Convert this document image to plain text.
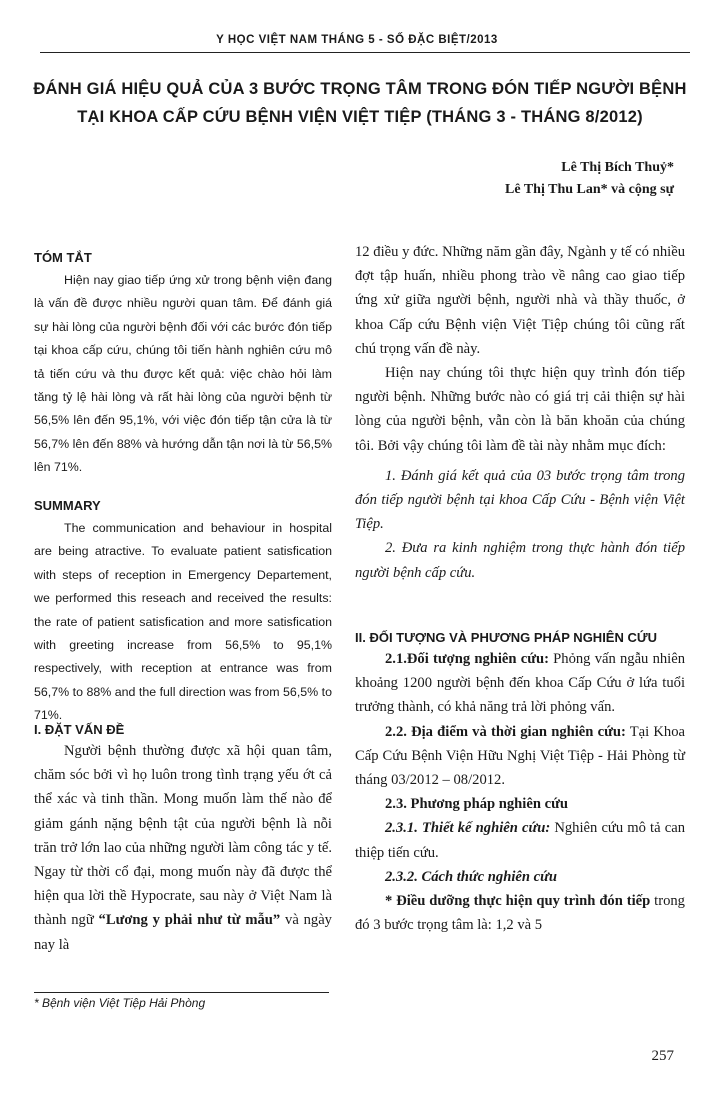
Y HỌC VIỆT NAM THÁNG 5 - SỐ ĐẶC BIỆT/2013
ĐÁNH GIÁ HIỆU QUẢ CỦA 3 BƯỚC TRỌNG TÂM TRONG ĐÓN TIẾP NGƯỜI BỆNH
TẠI KHOA CẤP CỨU BỆNH VIỆN VIỆT TIỆP (THÁNG 3 - THÁNG 8/2012)
Lê Thị Bích Thuỷ*
Lê Thị Thu Lan* và cộng sự

TÓM TẮT

Hiện nay giao tiếp ứng xử trong bệnh viện đang là vấn đề được nhiều người quan tâm. Để đánh giá sự hài lòng của người bệnh đối với các bước đón tiếp tại khoa cấp cứu, chúng tôi tiến hành nghiên cứu mô tả tiến cứu và thu được kết quả: việc chào hỏi làm tăng tỷ lệ hài lòng và rất hài lòng của người bệnh từ 56,5% lên đến 95,1%, với việc đón tiếp tận cửa là từ 56,7% lên đến 88% và hướng dẫn tận nơi là từ 56,5% lên 71%.

SUMMARY

The communication and behaviour in hospital are being atractive. To evaluate patient satisfication with steps of reception in Emergency Departement, we performed this reseach and received the results: the rate of patient satisfication and more satisfication with greeting increase from 56,5% to 95,1% respectively, with reception at entrance was from 56,7% to 88% and the full direction was from 56,5% to 71%.

I. ĐẶT VẤN ĐỀ

Người bệnh thường được xã hội quan tâm, chăm sóc bởi vì họ luôn trong tình trạng yếu ớt cả thể xác và tinh thần. Mong muốn làm thế nào để giảm gánh nặng bệnh tật của người bệnh là nỗi trăn trở lớn lao của những người làm công tác y tế. Ngay từ thời cổ đại, mong muốn này đã được thể hiện qua lời thề Hypocrate, sau này ở Việt Nam là thành ngữ “Lương y phải như từ mẫu” và ngày nay là

* Bệnh viện Việt Tiệp Hải Phòng

12 điều y đức. Những năm gần đây, Ngành y tế có nhiều đợt tập huấn, nhiều phong trào về nâng cao giao tiếp ứng xử giữa người bệnh, người nhà và thầy thuốc, ở khoa Cấp cứu Bệnh viện Việt Tiệp chúng tôi cũng rất chú trọng vấn đề này.

Hiện nay chúng tôi thực hiện quy trình đón tiếp người bệnh. Những bước nào có giá trị cải thiện sự hài lòng của người bệnh, vẫn còn là băn khoăn của chúng tôi. Bởi vậy chúng tôi làm đề tài này nhằm mục đích:

1. Đánh giá kết quả của 03 bước trọng tâm trong đón tiếp người bệnh tại khoa Cấp Cứu - Bệnh viện Việt Tiệp.

2. Đưa ra kinh nghiệm trong thực hành đón tiếp người bệnh cấp cứu.

II. ĐỐI TƯỢNG VÀ PHƯƠNG PHÁP NGHIÊN CỨU

2.1.Đối tượng nghiên cứu: Phỏng vấn ngẫu nhiên khoảng 1200 người bệnh đến khoa Cấp Cứu ở lứa tuổi trưởng thành, có khả năng trả lời phỏng vấn.

2.2. Địa điểm và thời gian nghiên cứu: Tại Khoa Cấp Cứu Bệnh Viện Hữu Nghị Việt Tiệp - Hải Phòng từ tháng 03/2012 – 08/2012.

2.3. Phương pháp nghiên cứu

2.3.1. Thiết kế nghiên cứu: Nghiên cứu mô tả can thiệp tiến cứu.

2.3.2. Cách thức nghiên cứu

* Điều dưỡng thực hiện quy trình đón tiếp trong đó 3 bước trọng tâm là: 1,2 và 5

257
